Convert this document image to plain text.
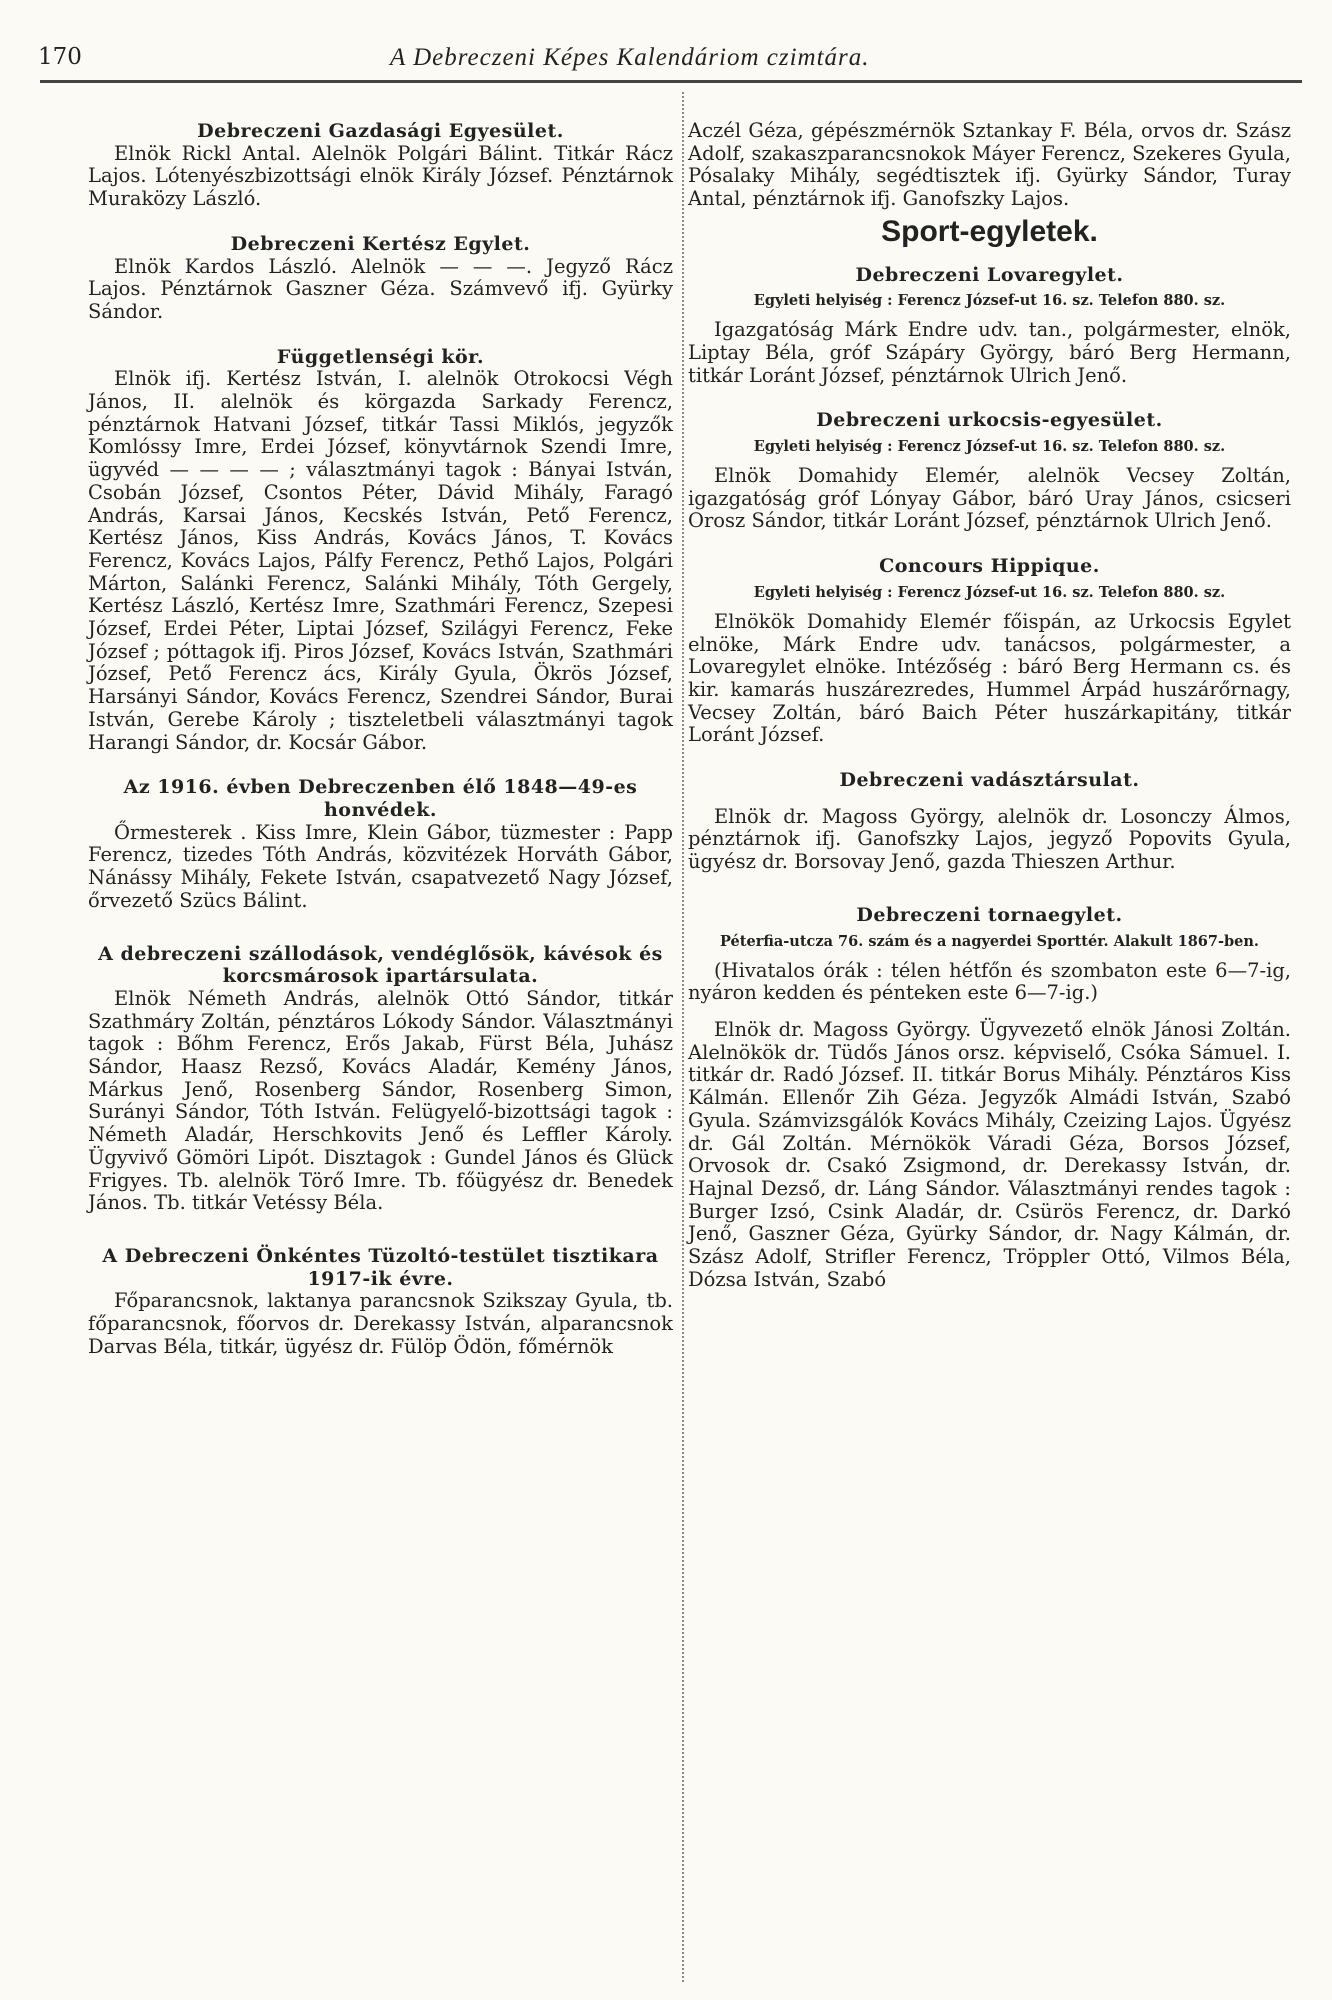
170	A Debreczeni Képes Kalendáriom czimtára.

Debreczeni Gazdasági Egyesület.

Elnök Rickl Antal. Alelnök Polgári Bálint. Titkár Rácz Lajos. Lótenyészbizottsági elnök Király József. Pénztárnok Muraközy László.

Debreczeni Kertész Egylet.

Elnök Kardos László. Alelnök — — —. Jegyző Rácz Lajos. Pénztárnok Gaszner Géza. Számvevő ifj. Gyürky Sándor.

Függetlenségi kör.

Elnök ifj. Kertész István, I. alelnök Otrokocsi Végh János, II. alelnök és körgazda Sarkady Ferencz, pénztárnok Hatvani József, titkár Tassi Miklós, jegyzők Komlóssy Imre, Erdei József, könyvtárnok Szendi Imre, ügyvéd — — — — ; választmányi tagok : Bányai István, Csobán József, Csontos Péter, Dávid Mihály, Faragó András, Karsai János, Kecskés István, Pető Ferencz, Kertész János, Kiss András, Kovács János, T. Kovács Ferencz, Kovács Lajos, Pálfy Ferencz, Pethő Lajos, Polgári Márton, Salánki Ferencz, Salánki Mihály, Tóth Gergely, Kertész László, Kertész Imre, Szathmári Ferencz, Szepesi József, Erdei Péter, Liptai József, Szilágyi Ferencz, Feke József ; póttagok ifj. Piros József, Kovács István, Szathmári József, Pető Ferencz ács, Király Gyula, Ökrös József, Harsányi Sándor, Kovács Ferencz, Szendrei Sándor, Burai István, Gerebe Károly ; tiszteletbeli választmányi tagok Harangi Sándor, dr. Kocsár Gábor.

Az 1916. évben Debreczenben élő 1848—49-es honvédek.

Őrmesterek . Kiss Imre, Klein Gábor, tüzmester : Papp Ferencz, tizedes Tóth András, közvitézek Horváth Gábor, Nánássy Mihály, Fekete István, csapatvezető Nagy József, őrvezető Szücs Bálint.

A debreczeni szállodások, vendéglősök, kávésok és korcsmárosok ipartársulata.

Elnök Németh András, alelnök Ottó Sándor, titkár Szathmáry Zoltán, pénztáros Lókody Sándor. Választmányi tagok : Bőhm Ferencz, Erős Jakab, Fürst Béla, Juhász Sándor, Haasz Rezső, Kovács Aladár, Kemény János, Márkus Jenő, Rosenberg Sándor, Rosenberg Simon, Surányi Sándor, Tóth István. Felügyelő-bizottsági tagok : Németh Aladár, Herschkovits Jenő és Leffler Károly. Ügyvivő Gömöri Lipót. Disztagok : Gundel János és Glück Frigyes. Tb. alelnök Törő Imre. Tb. főügyész dr. Benedek János. Tb. titkár Vetéssy Béla.

A Debreczeni Önkéntes Tüzoltó-testület tisztikara 1917-ik évre.

Főparancsnok, laktanya parancsnok Szikszay Gyula, tb. főparancsnok, főorvos dr. Derekassy István, alparancsnok Darvas Béla, titkár, ügyész dr. Fülöp Ödön, főmérnök

Aczél Géza, gépészmérnök Sztankay F. Béla, orvos dr. Szász Adolf, szakaszparancsnokok Máyer Ferencz, Szekeres Gyula, Pósalaky Mihály, segédtisztek ifj. Gyürky Sándor, Turay Antal, pénztárnok ifj. Ganofszky Lajos.

Sport-egyletek.

Debreczeni Lovaregylet.

Egyleti helyiség : Ferencz József-ut 16. sz. Telefon 880. sz.

Igazgatóság Márk Endre udv. tan., polgármester, elnök, Liptay Béla, gróf Szápáry György, báró Berg Hermann, titkár Loránt József, pénztárnok Ulrich Jenő.

Debreczeni urkocsis-egyesület.

Egyleti helyiség : Ferencz József-ut 16. sz. Telefon 880. sz.

Elnök Domahidy Elemér, alelnök Vecsey Zoltán, igazgatóság gróf Lónyay Gábor, báró Uray János, csicseri Orosz Sándor, titkár Loránt József, pénztárnok Ulrich Jenő.

Concours Hippique.

Egyleti helyiség : Ferencz József-ut 16. sz. Telefon 880. sz.

Elnökök Domahidy Elemér főispán, az Urkocsis Egylet elnöke, Márk Endre udv. tanácsos, polgármester, a Lovaregylet elnöke. Intézőség : báró Berg Hermann cs. és kir. kamarás huszárezredes, Hummel Árpád huszárőrnagy, Vecsey Zoltán, báró Baich Péter huszárkapitány, titkár Loránt József.

Debreczeni vadásztársulat.

Elnök dr. Magoss György, alelnök dr. Losonczy Álmos, pénztárnok ifj. Ganofszky Lajos, jegyző Popovits Gyula, ügyész dr. Borsovay Jenő, gazda Thieszen Arthur.

Debreczeni tornaegylet.

Péterfia-utcza 76. szám és a nagyerdei Sporttér. Alakult 1867-ben.

(Hivatalos órák : télen hétfőn és szombaton este 6—7-ig, nyáron kedden és pénteken este 6—7-ig.)

Elnök dr. Magoss György. Ügyvezető elnök Jánosi Zoltán. Alelnökök dr. Tüdős János orsz. képviselő, Csóka Sámuel. I. titkár dr. Radó József. II. titkár Borus Mihály. Pénztáros Kiss Kálmán. Ellenőr Zih Géza. Jegyzők Almádi István, Szabó Gyula. Számvizsgálók Kovács Mihály, Czeizing Lajos. Ügyész dr. Gál Zoltán. Mérnökök Váradi Géza, Borsos József, Orvosok dr. Csakó Zsigmond, dr. Derekassy István, dr. Hajnal Dezső, dr. Láng Sándor. Választmányi rendes tagok : Burger Izsó, Csink Aladár, dr. Csürös Ferencz, dr. Darkó Jenő, Gaszner Géza, Gyürky Sándor, dr. Nagy Kálmán, dr. Szász Adolf, Strifler Ferencz, Tröppler Ottó, Vilmos Béla, Dózsa István, Szabó
